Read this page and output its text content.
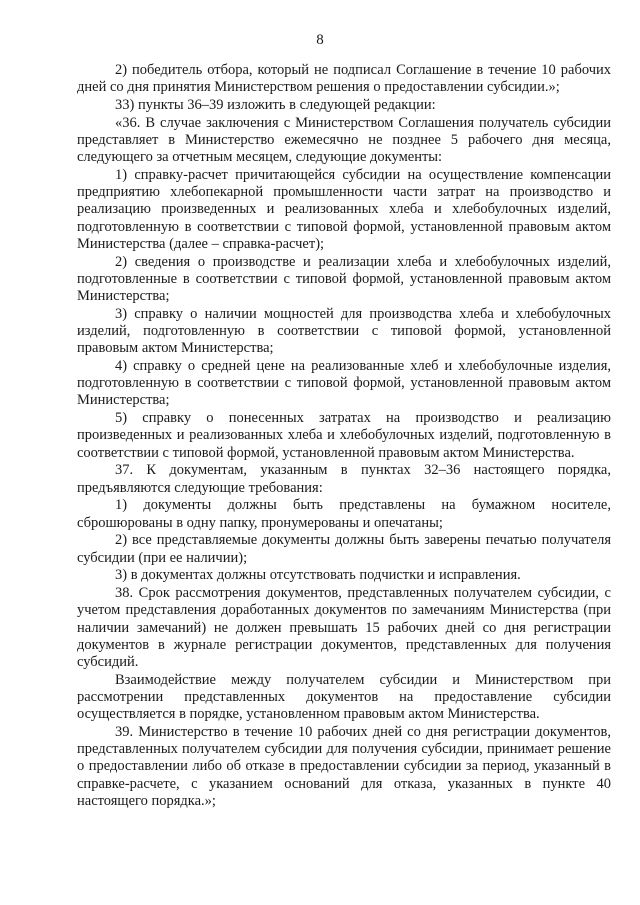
8

2) победитель отбора, который не подписал Соглашение в течение 10 рабочих дней со дня принятия Министерством решения о предоставлении субсидии.»;

33) пункты 36–39 изложить в следующей редакции:

«36. В случае заключения с Министерством Соглашения получатель субсидии представляет в Министерство ежемесячно не позднее 5 рабочего дня месяца, следующего за отчетным месяцем, следующие документы:

1) справку-расчет причитающейся субсидии на осуществление компенсации предприятию хлебопекарной промышленности части затрат на производство и реализацию произведенных и реализованных хлеба и хлебобулочных изделий, подготовленную в соответствии с типовой формой, установленной правовым актом Министерства (далее – справка-расчет);

2) сведения о производстве и реализации хлеба и хлебобулочных изделий, подготовленные в соответствии с типовой формой, установленной правовым актом Министерства;

3) справку о наличии мощностей для производства хлеба и хлебобулочных изделий, подготовленную в соответствии с типовой формой, установленной правовым актом Министерства;

4) справку о средней цене на реализованные хлеб и хлебобулочные изделия, подготовленную в соответствии с типовой формой, установленной правовым актом Министерства;

5) справку о понесенных затратах на производство и реализацию произведенных и реализованных хлеба и хлебобулочных изделий, подготовленную в соответствии с типовой формой, установленной правовым актом Министерства.

37. К документам, указанным в пунктах 32–36 настоящего порядка, предъявляются следующие требования:

1) документы должны быть представлены на бумажном носителе, сброшюрованы в одну папку, пронумерованы и опечатаны;

2) все представляемые документы должны быть заверены печатью получателя субсидии (при ее наличии);

3) в документах должны отсутствовать подчистки и исправления.

38. Срок рассмотрения документов, представленных получателем субсидии, с учетом представления доработанных документов по замечаниям Министерства (при наличии замечаний) не должен превышать 15 рабочих дней со дня регистрации документов в журнале регистрации документов, представленных для получения субсидий.

Взаимодействие между получателем субсидии и Министерством при рассмотрении представленных документов на предоставление субсидии осуществляется в порядке, установленном правовым актом Министерства.

39. Министерство в течение 10 рабочих дней со дня регистрации документов, представленных получателем субсидии для получения субсидии, принимает решение о предоставлении либо об отказе в предоставлении субсидии за период, указанный в справке-расчете, с указанием оснований для отказа, указанных в пункте 40 настоящего порядка.»;
